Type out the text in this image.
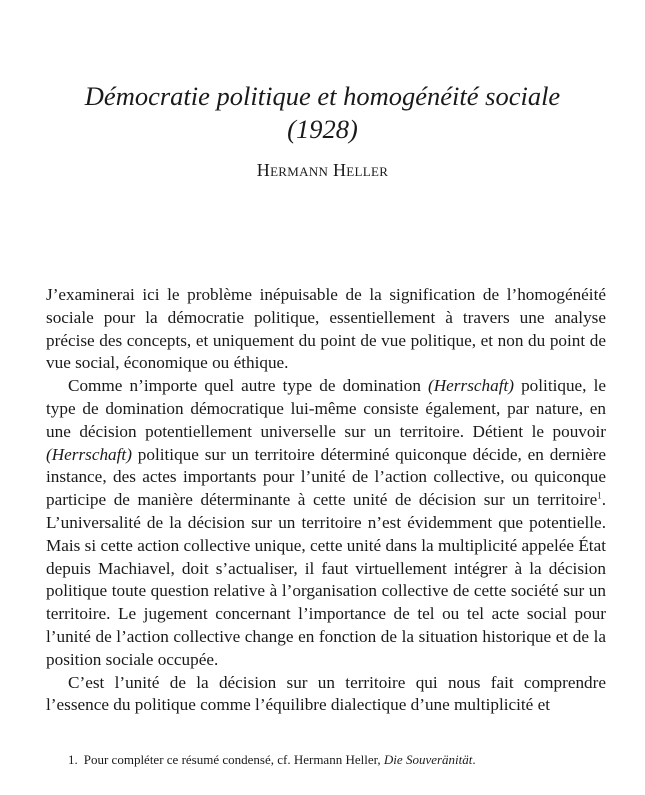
Démocratie politique et homogénéité sociale
(1928)
Hermann Heller

J’examinerai ici le problème inépuisable de la signification de l’homogénéité sociale pour la démocratie politique, essentiellement à travers une analyse précise des concepts, et uniquement du point de vue politique, et non du point de vue social, économique ou éthique.

Comme n’importe quel autre type de domination (Herrschaft) politique, le type de domination démocratique lui-même consiste également, par nature, en une décision potentiellement universelle sur un territoire. Détient le pouvoir (Herrschaft) politique sur un territoire déterminé quiconque décide, en dernière instance, des actes importants pour l’unité de l’action collective, ou quiconque participe de manière déterminante à cette unité de décision sur un territoire$^1$. L’universalité de la décision sur un territoire n’est évidemment que potentielle. Mais si cette action collective unique, cette unité dans la multiplicité appelée État depuis Machiavel, doit s’actualiser, il faut virtuellement intégrer à la décision politique toute question relative à l’organisation collective de cette société sur un territoire. Le jugement concernant l’importance de tel ou tel acte social pour l’unité de l’action collective change en fonction de la situation historique et de la position sociale occupée.

C’est l’unité de la décision sur un territoire qui nous fait comprendre l’essence du politique comme l’équilibre dialectique d’une multiplicité et

1. Pour compléter ce résumé condensé, cf. Hermann Heller, Die Souveränität.
